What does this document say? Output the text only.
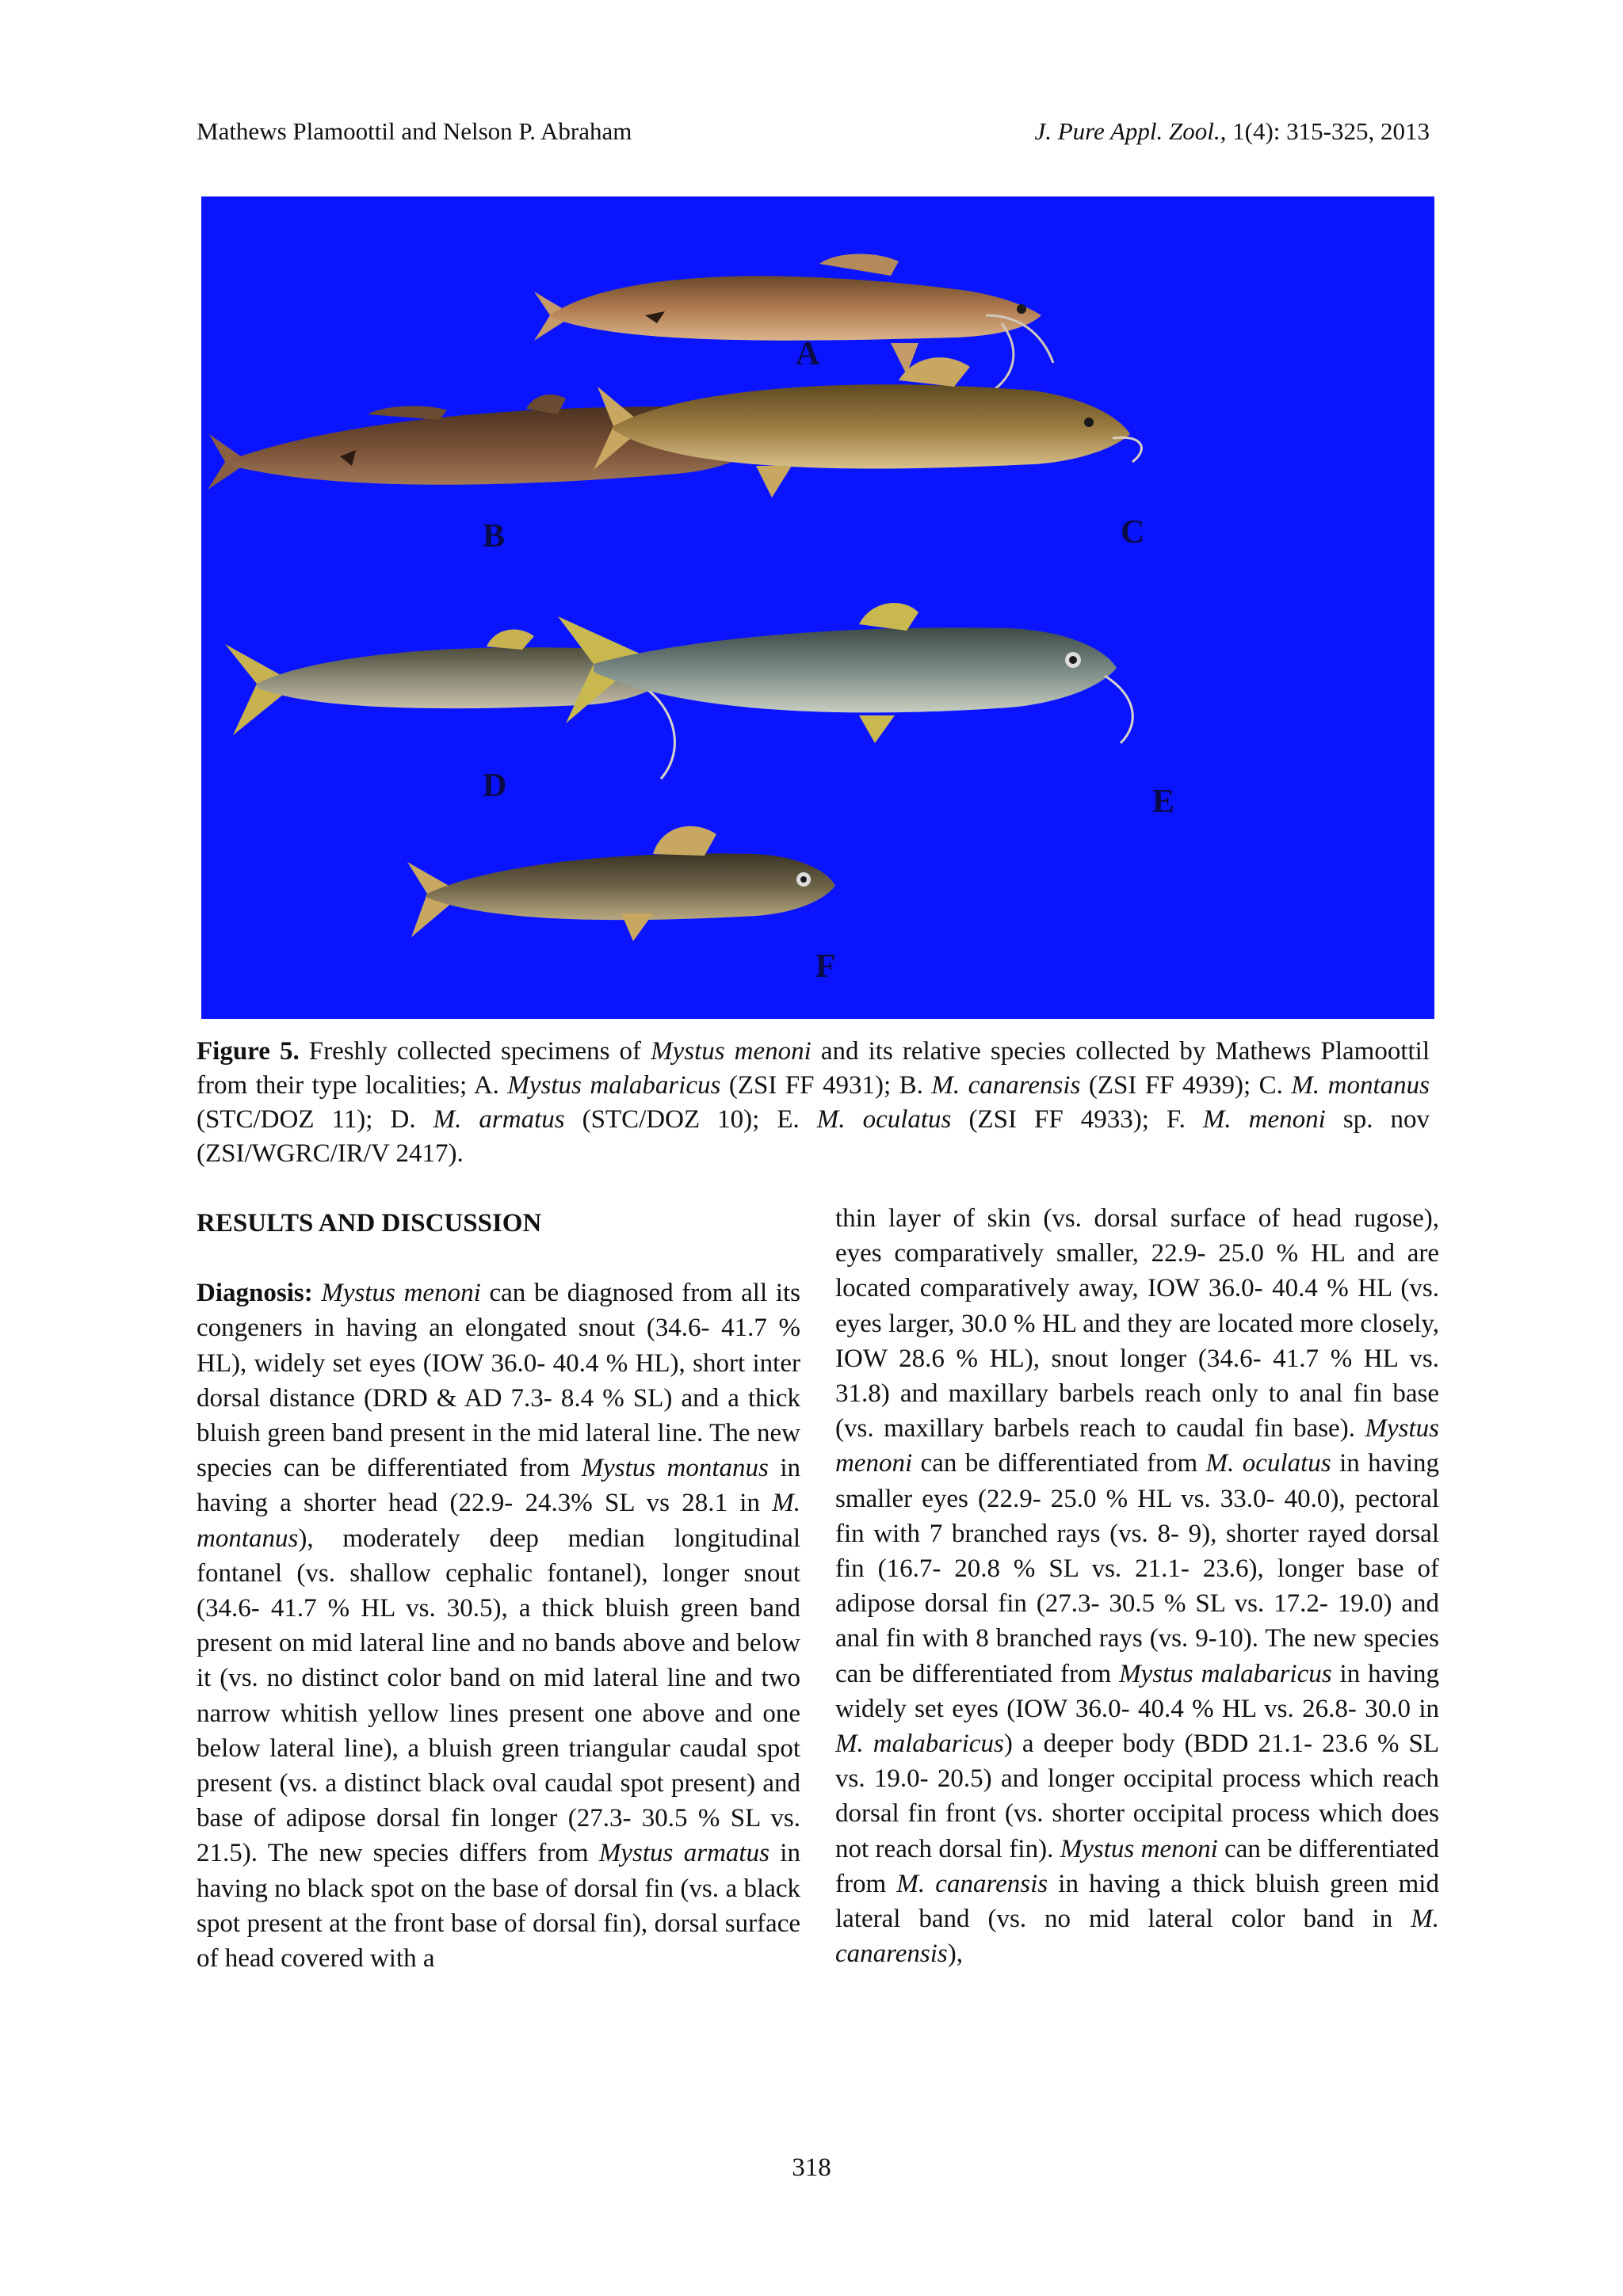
Mathews Plamoottil and Nelson P. Abraham	J. Pure Appl. Zool., 1(4): 315-325, 2013
A
B	C
D	E
F
Figure 5. Freshly collected specimens of Mystus menoni and its relative species collected by Mathews Plamoottil from their type localities; A. Mystus malabaricus (ZSI FF 4931); B. M. canarensis (ZSI FF 4939); C. M. montanus (STC/DOZ 11); D. M. armatus (STC/DOZ 10); E. M. oculatus (ZSI FF 4933); F. M. menoni sp. nov (ZSI/WGRC/IR/V 2417).

RESULTS AND DISCUSSION

Diagnosis: Mystus menoni can be diagnosed from all its congeners in having an elongated snout (34.6- 41.7 % HL), widely set eyes (IOW 36.0- 40.4 % HL), short inter dorsal distance (DRD & AD 7.3- 8.4 % SL) and a thick bluish green band present in the mid lateral line. The new species can be differentiated from Mystus montanus in having a shorter head (22.9- 24.3% SL vs 28.1 in M. montanus), moderately deep median longitudinal fontanel (vs. shallow cephalic fontanel), longer snout (34.6- 41.7 % HL vs. 30.5), a thick bluish green band present on mid lateral line and no bands above and below it (vs. no distinct color band on mid lateral line and two narrow whitish yellow lines present one above and one below lateral line), a bluish green triangular caudal spot present (vs. a distinct black oval caudal spot present) and base of adipose dorsal fin longer (27.3- 30.5 % SL vs. 21.5). The new species differs from Mystus armatus in having no black spot on the base of dorsal fin (vs. a black spot present at the front base of dorsal fin), dorsal surface of head covered with a

thin layer of skin (vs. dorsal surface of head rugose), eyes comparatively smaller, 22.9- 25.0 % HL and are located comparatively away, IOW 36.0- 40.4 % HL (vs. eyes larger, 30.0 % HL and they are located more closely, IOW 28.6 % HL), snout longer (34.6- 41.7 % HL vs. 31.8) and maxillary barbels reach only to anal fin base (vs. maxillary barbels reach to caudal fin base). Mystus menoni can be differentiated from M. oculatus in having smaller eyes (22.9- 25.0 % HL vs. 33.0- 40.0), pectoral fin with 7 branched rays (vs. 8- 9), shorter rayed dorsal fin (16.7- 20.8 % SL vs. 21.1- 23.6), longer base of adipose dorsal fin (27.3- 30.5 % SL vs. 17.2- 19.0) and anal fin with 8 branched rays (vs. 9-10). The new species can be differentiated from Mystus malabaricus in having widely set eyes (IOW 36.0- 40.4 % HL vs. 26.8- 30.0 in M. malabaricus) a deeper body (BDD 21.1- 23.6 % SL vs. 19.0- 20.5) and longer occipital process which reach dorsal fin front (vs. shorter occipital process which does not reach dorsal fin). Mystus menoni can be differentiated from M. canarensis in having a thick bluish green mid lateral band (vs. no mid lateral color band in M. canarensis),

318
